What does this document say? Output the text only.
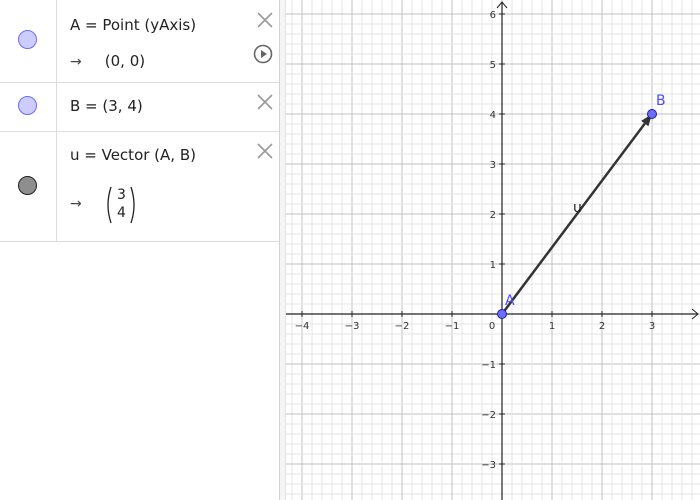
A = Point (yAxis)
→ (0, 0)
B = (3, 4)
u = Vector (A, B)
→
3
4
−4	−3	−2	−1	0	1	2	3
6
5
4
3
2
1
−1
−2
−3
u
A
B
